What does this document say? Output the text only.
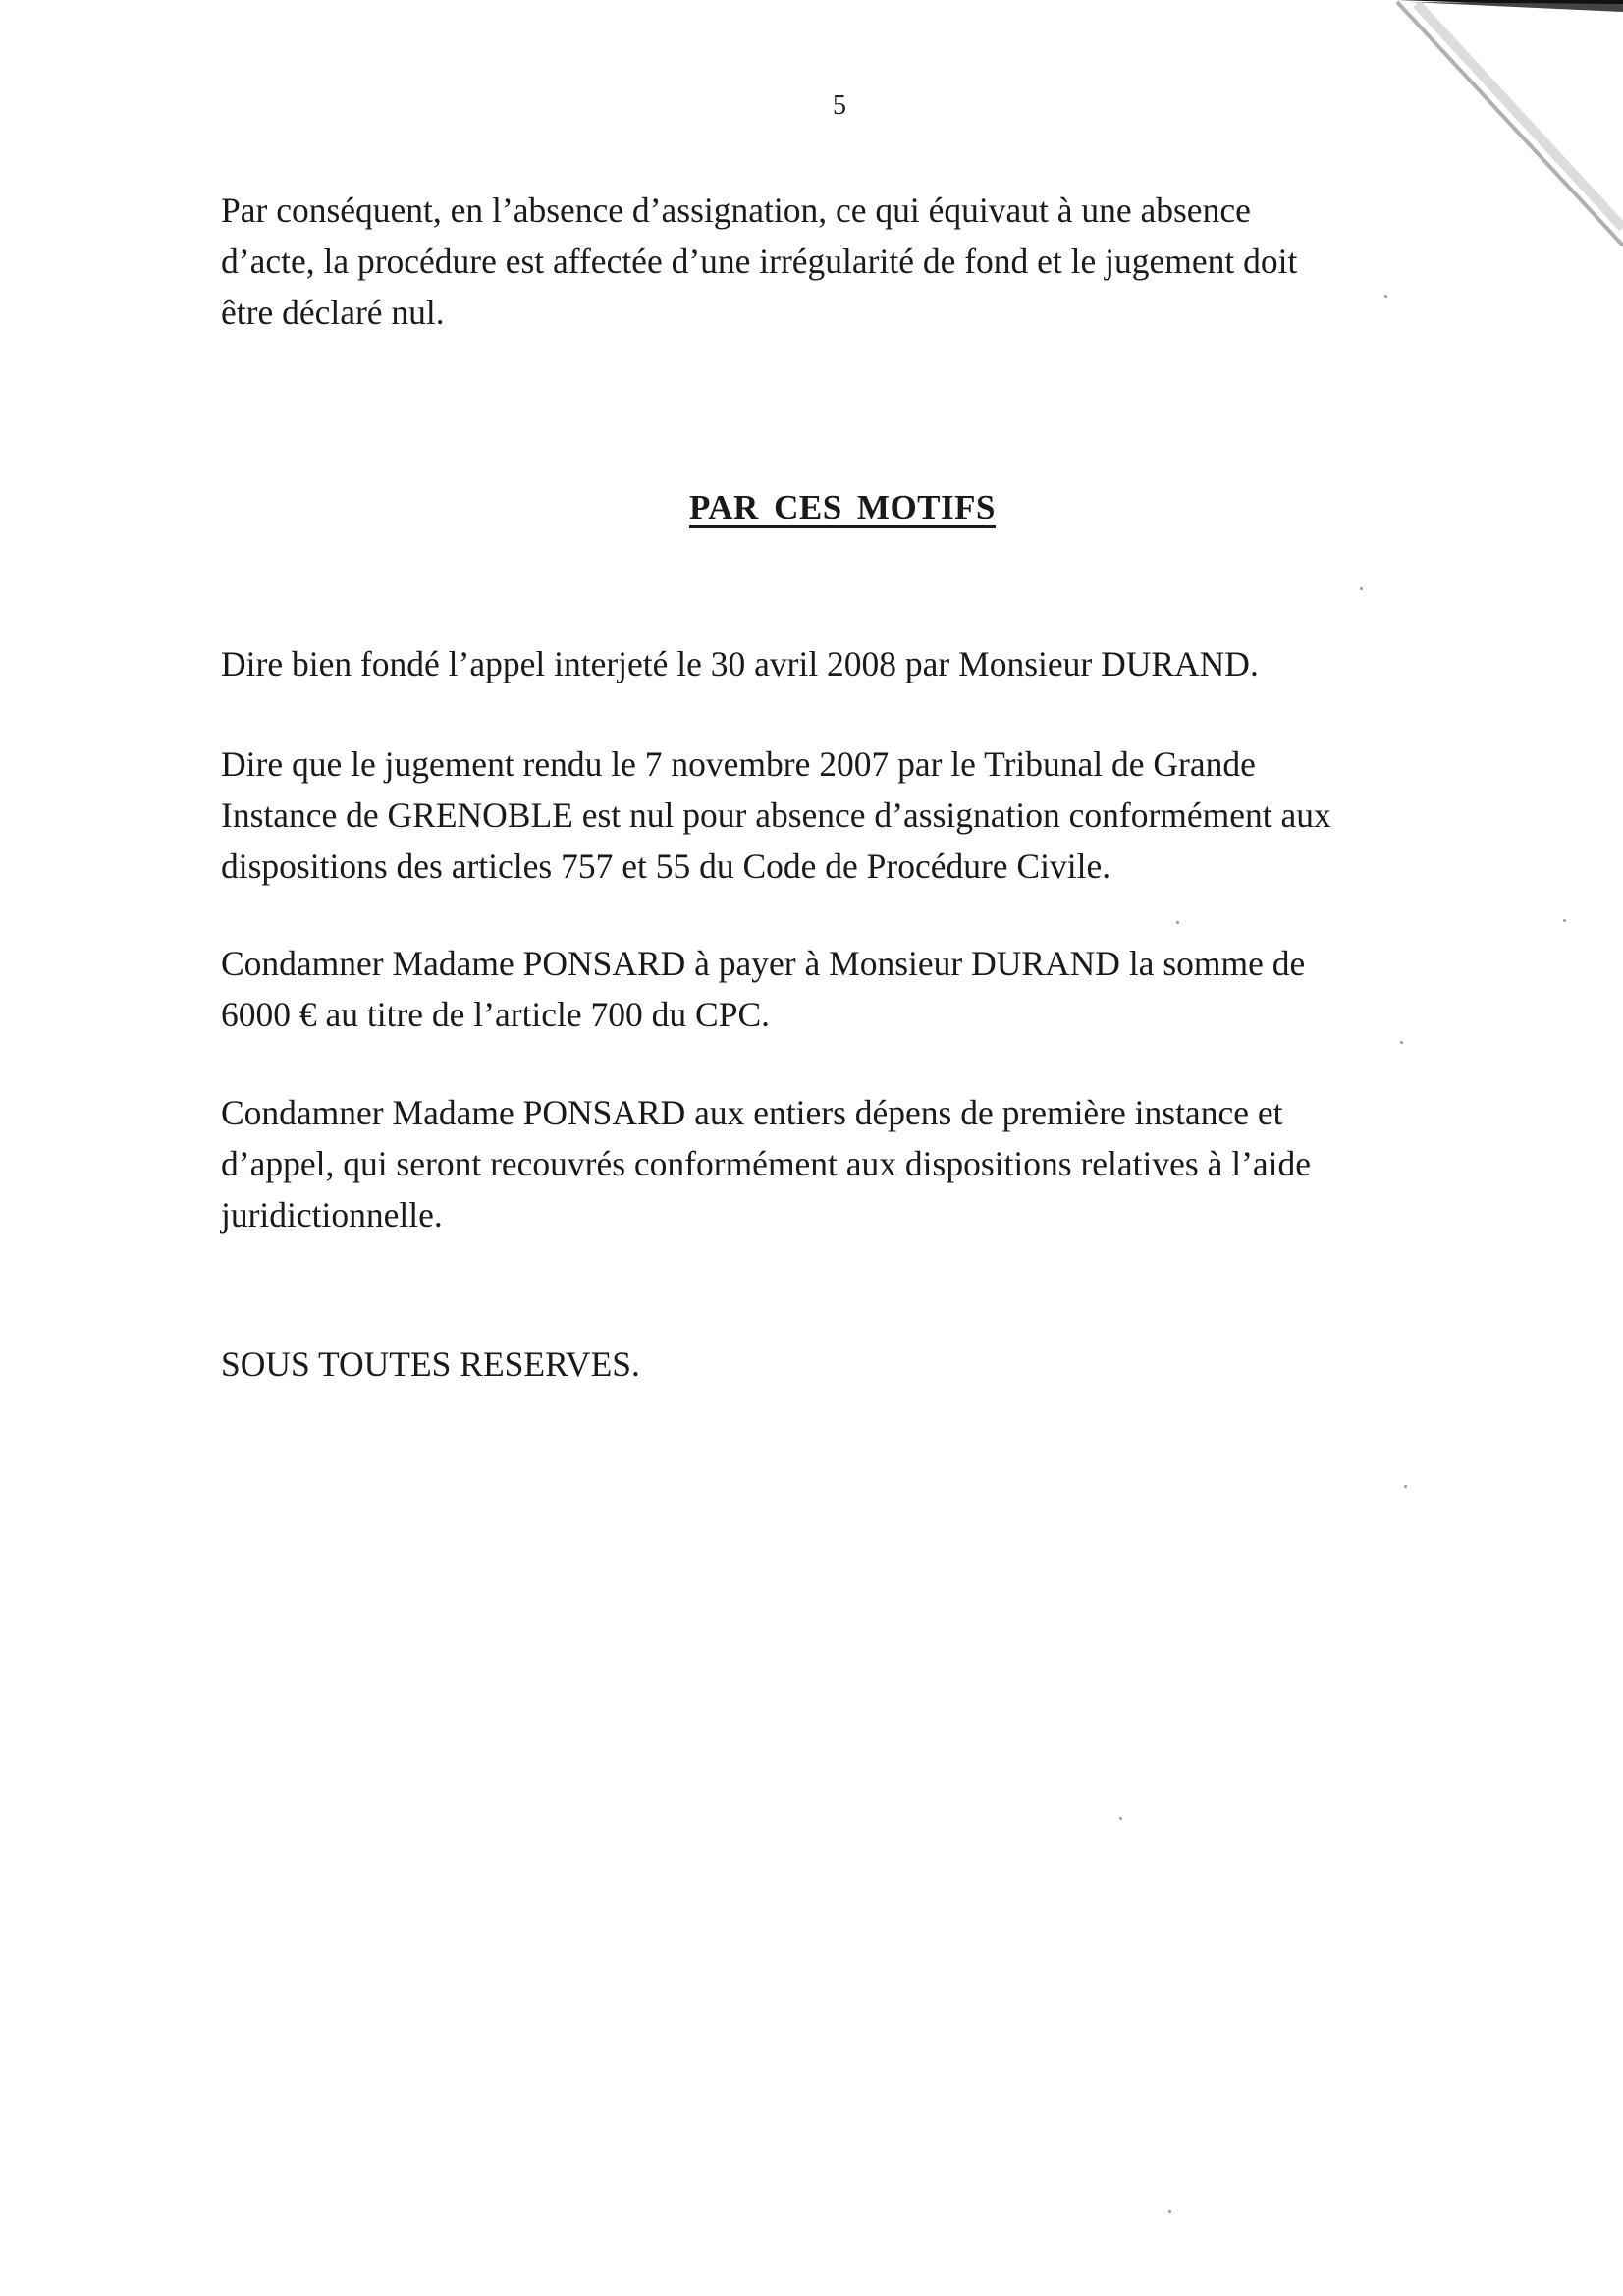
5

Par conséquent, en l’absence d’assignation, ce qui équivaut à une absence
d’acte, la procédure est affectée d’une irrégularité de fond et le jugement doit
être déclaré nul.

PAR CES MOTIFS

Dire bien fondé l’appel interjeté le 30 avril 2008 par Monsieur DURAND.

Dire que le jugement rendu le 7 novembre 2007 par le Tribunal de Grande
Instance de GRENOBLE est nul pour absence d’assignation conformément aux
dispositions des articles 757 et 55 du Code de Procédure Civile.

Condamner Madame PONSARD à payer à Monsieur DURAND la somme de
6000 € au titre de l’article 700 du CPC.

Condamner Madame PONSARD aux entiers dépens de première instance et
d’appel, qui seront recouvrés conformément aux dispositions relatives à l’aide
juridictionnelle.

SOUS TOUTES RESERVES.
